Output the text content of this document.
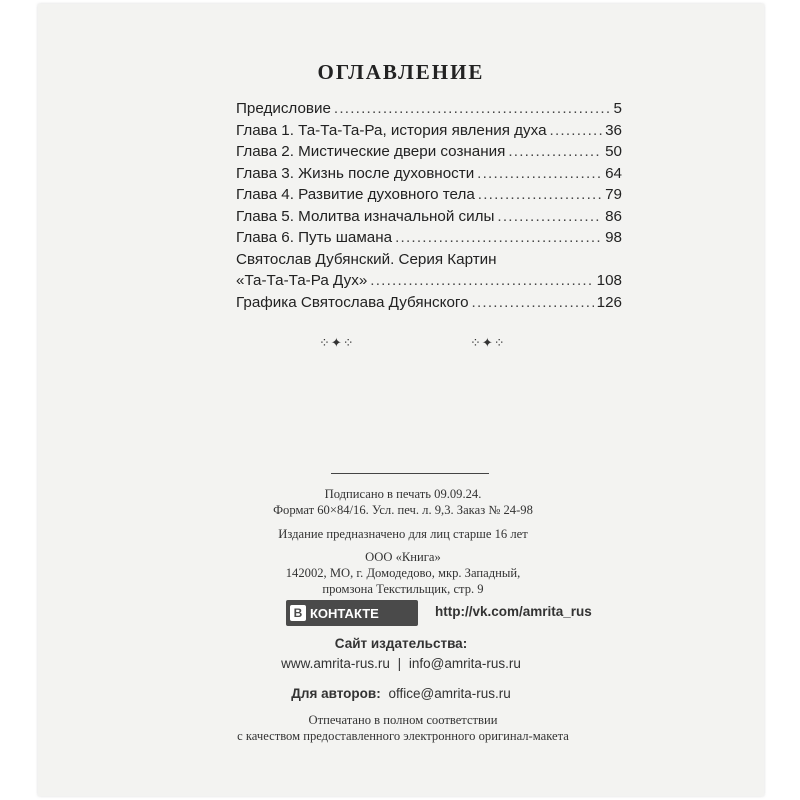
ОГЛАВЛЕНИЕ
Предисловие . . .	5
Глава 1. Та-Та-Та-Ра, история явления духа . . .	36
Глава 2. Мистические двери сознания . . .	50
Глава 3. Жизнь после духовности . . .	64
Глава 4. Развитие духовного тела . . .	79
Глава 5. Молитва изначальной силы . . .	86
Глава 6. Путь шамана . . .	98
Святослав Дубянский. Серия Картин
«Та-Та-Та-Ра Дух» . . .	108
Графика Святослава Дубянского . . .	126
⁘✦⁘	⁘✦⁘
Подписано в печать 09.09.24.
Формат 60×84/16. Усл. печ. л. 9,3. Заказ № 24-98
Издание предназначено для лиц старше 16 лет
ООО «Книга»
142002, МО, г. Домодедово, мкр. Западный,
промзона Текстильщик, стр. 9
В КОНТАКТЕ	http://vk.com/amrita_rus
Сайт издательства:
www.amrita-rus.ru | info@amrita-rus.ru
Для авторов: office@amrita-rus.ru
Отпечатано в полном соответствии
с качеством предоставленного электронного оригинал-макета
